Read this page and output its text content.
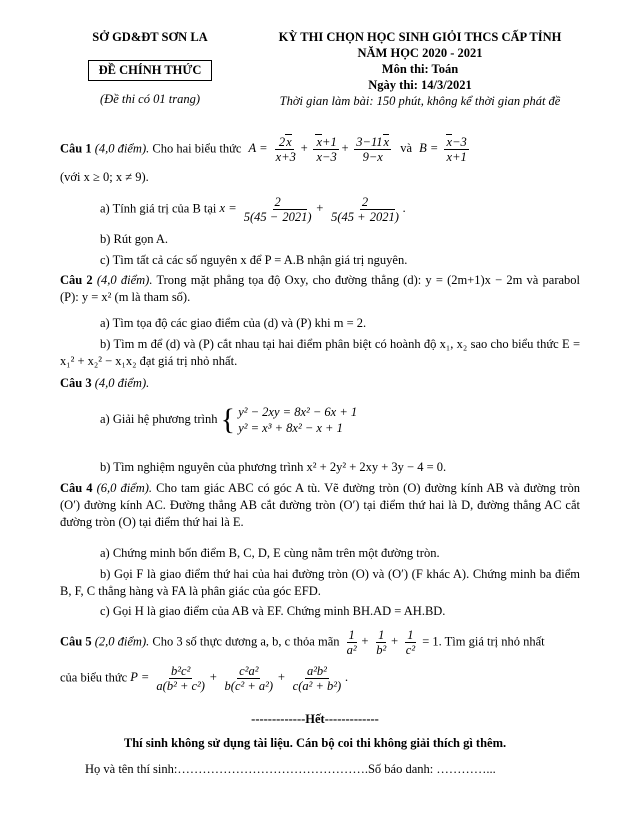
SỞ GD&ĐT SƠN LA
ĐỀ CHÍNH THỨC
(Đề thi có 01 trang)
KỲ THI CHỌN HỌC SINH GIỎI THCS CẤP TỈNH
NĂM HỌC 2020 - 2021
Môn thi: Toán
Ngày thi: 14/3/2021
Thời gian làm bài: 150 phút, không kể thời gian phát đề
Câu 1 (4,0 điểm). Cho hai biểu thức $A = \frac{2x}{x+3} + \frac{x+1}{x-3} + \frac{3-11x}{9-x}$ và $B = \frac{x-3}{x+1}$
(với x ≥ 0; x ≠ 9).
a) Tính giá trị của B tại $x = \frac{2}{5(45 - 2021)} + \frac{2}{5(45 + 2021)}$ .
b) Rút gọn A.
c) Tìm tất cả các số nguyên x để P = A.B nhận giá trị nguyên.
Câu 2 (4,0 điểm). Trong mặt phẳng tọa độ Oxy, cho đường thẳng (d): y = (2m+1)x − 2m và parabol (P): y = x² (m là tham số).
a) Tìm tọa độ các giao điểm của (d) và (P) khi m = 2.
b) Tìm m để (d) và (P) cắt nhau tại hai điểm phân biệt có hoành độ x₁, x₂ sao cho biểu thức E = x₁² + x₂² − x₁x₂ đạt giá trị nhỏ nhất.
Câu 3 (4,0 điểm).
a) Giải hệ phương trình { y² − 2xy = 8x² − 6x + 1
y² = x³ + 8x² − x + 1
b) Tìm nghiệm nguyên của phương trình x² + 2y² + 2xy + 3y − 4 = 0.
Câu 4 (6,0 điểm). Cho tam giác ABC có góc A tù. Vẽ đường tròn (O) đường kính AB và đường tròn (O′) đường kính AC. Đường thẳng AB cắt đường tròn (O′) tại điểm thứ hai là D, đường thẳng AC cắt đường tròn (O) tại điểm thứ hai là E.
a) Chứng minh bốn điểm B, C, D, E cùng nằm trên một đường tròn.
b) Gọi F là giao điểm thứ hai của hai đường tròn (O) và (O′) (F khác A). Chứng minh ba điểm B, F, C thẳng hàng và FA là phân giác của góc EFD.
c) Gọi H là giao điểm của AB và EF. Chứng minh BH.AD = AH.BD.
Câu 5 (2,0 điểm). Cho 3 số thực dương a, b, c thỏa mãn $\frac{1}{\text{a²}} + \frac{1}{\text{b²}} + \frac{1}{\text{c²}} = 1$. Tìm giá trị nhỏ nhất
của biểu thức $P = \frac{\text{b²c²}}{\text{a(b² + c²)}} + \frac{\text{c²a²}}{\text{b(c² + a²)}} + \frac{\text{a²b²}}{\text{c(a² + b²)}}$ .
-------------Hết-------------
Thí sinh không sử dụng tài liệu. Cán bộ coi thi không giải thích gì thêm.
Họ và tên thí sinh:……………………………………….Số báo danh: …………...
